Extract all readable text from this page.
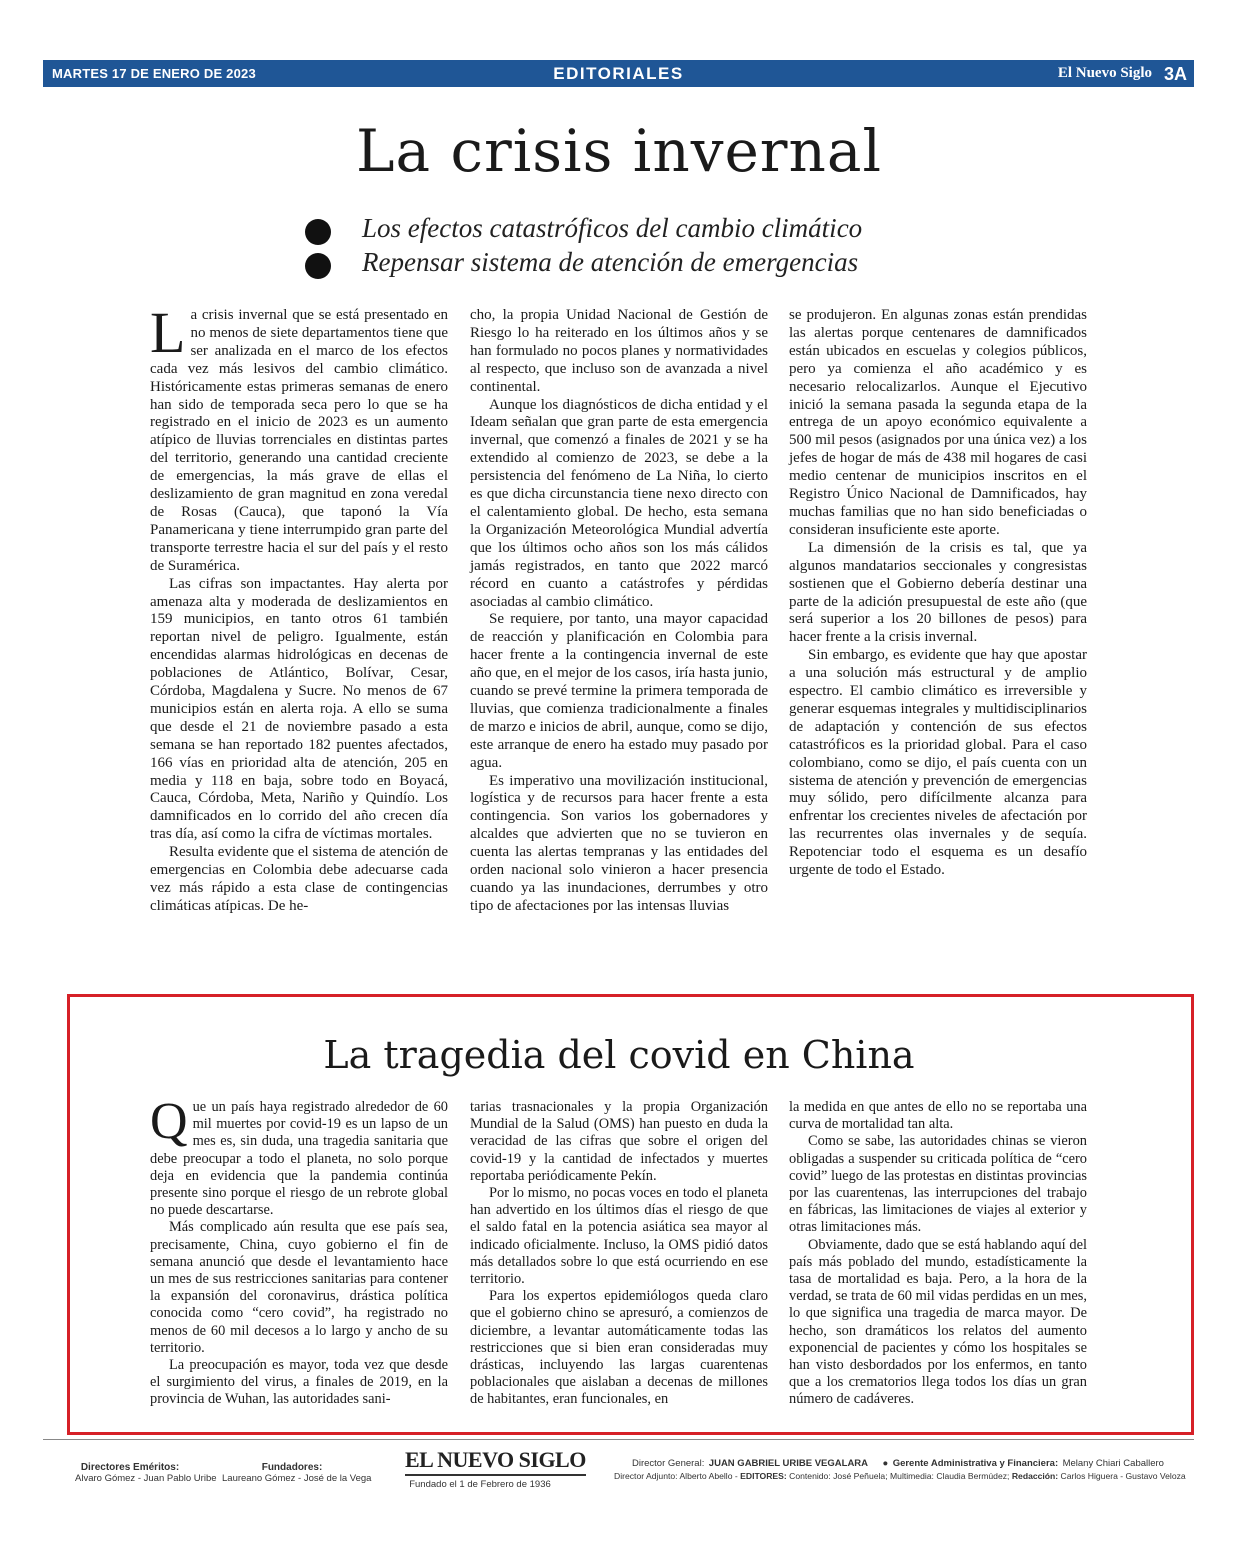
MARTES 17 DE ENERO DE 2023	EDITORIALES	El Nuevo Siglo 3A
La crisis invernal
Los efectos catastróficos del cambio climático
Repensar sistema de atención de emergencias

La crisis invernal que se está presentado en no menos de siete departamentos tiene que ser analizada en el marco de los efectos cada vez más lesivos del cambio climático. Históricamente estas primeras semanas de enero han sido de temporada seca pero lo que se ha registrado en el inicio de 2023 es un aumento atípico de lluvias torrenciales en distintas partes del territorio, generando una cantidad creciente de emergencias, la más grave de ellas el deslizamiento de gran magnitud en zona veredal de Rosas (Cauca), que taponó la Vía Panamericana y tiene interrumpido gran parte del transporte terrestre hacia el sur del país y el resto de Suramérica.

Las cifras son impactantes. Hay alerta por amenaza alta y moderada de deslizamientos en 159 municipios, en tanto otros 61 también reportan nivel de peligro. Igualmente, están encendidas alarmas hidrológicas en decenas de poblaciones de Atlántico, Bolívar, Cesar, Córdoba, Magdalena y Sucre. No menos de 67 municipios están en alerta roja. A ello se suma que desde el 21 de noviembre pasado a esta semana se han reportado 182 puentes afectados, 166 vías en prioridad alta de atención, 205 en media y 118 en baja, sobre todo en Boyacá, Cauca, Córdoba, Meta, Nariño y Quindío. Los damnificados en lo corrido del año crecen día tras día, así como la cifra de víctimas mortales.

Resulta evidente que el sistema de atención de emergencias en Colombia debe adecuarse cada vez más rápido a esta clase de contingencias climáticas atípicas. De he-

cho, la propia Unidad Nacional de Gestión de Riesgo lo ha reiterado en los últimos años y se han formulado no pocos planes y normatividades al respecto, que incluso son de avanzada a nivel continental.

Aunque los diagnósticos de dicha entidad y el Ideam señalan que gran parte de esta emergencia invernal, que comenzó a finales de 2021 y se ha extendido al comienzo de 2023, se debe a la persistencia del fenómeno de La Niña, lo cierto es que dicha circunstancia tiene nexo directo con el calentamiento global. De hecho, esta semana la Organización Meteorológica Mundial advertía que los últimos ocho años son los más cálidos jamás registrados, en tanto que 2022 marcó récord en cuanto a catástrofes y pérdidas asociadas al cambio climático.

Se requiere, por tanto, una mayor capacidad de reacción y planificación en Colombia para hacer frente a la contingencia invernal de este año que, en el mejor de los casos, iría hasta junio, cuando se prevé termine la primera temporada de lluvias, que comienza tradicionalmente a finales de marzo e inicios de abril, aunque, como se dijo, este arranque de enero ha estado muy pasado por agua.

Es imperativo una movilización institucional, logística y de recursos para hacer frente a esta contingencia. Son varios los gobernadores y alcaldes que advierten que no se tuvieron en cuenta las alertas tempranas y las entidades del orden nacional solo vinieron a hacer presencia cuando ya las inundaciones, derrumbes y otro tipo de afectaciones por las intensas lluvias

se produjeron. En algunas zonas están prendidas las alertas porque centenares de damnificados están ubicados en escuelas y colegios públicos, pero ya comienza el año académico y es necesario relocalizarlos. Aunque el Ejecutivo inició la semana pasada la segunda etapa de la entrega de un apoyo económico equivalente a 500 mil pesos (asignados por una única vez) a los jefes de hogar de más de 438 mil hogares de casi medio centenar de municipios inscritos en el Registro Único Nacional de Damnificados, hay muchas familias que no han sido beneficiadas o consideran insuficiente este aporte.

La dimensión de la crisis es tal, que ya algunos mandatarios seccionales y congresistas sostienen que el Gobierno debería destinar una parte de la adición presupuestal de este año (que será superior a los 20 billones de pesos) para hacer frente a la crisis invernal.

Sin embargo, es evidente que hay que apostar a una solución más estructural y de amplio espectro. El cambio climático es irreversible y generar esquemas integrales y multidisciplinarios de adaptación y contención de sus efectos catastróficos es la prioridad global. Para el caso colombiano, como se dijo, el país cuenta con un sistema de atención y prevención de emergencias muy sólido, pero difícilmente alcanza para enfrentar los crecientes niveles de afectación por las recurrentes olas invernales y de sequía. Repotenciar todo el esquema es un desafío urgente de todo el Estado.

La tragedia del covid en China

Que un país haya registrado alrededor de 60 mil muertes por covid-19 es un lapso de un mes es, sin duda, una tragedia sanitaria que debe preocupar a todo el planeta, no solo porque deja en evidencia que la pandemia continúa presente sino porque el riesgo de un rebrote global no puede descartarse.

Más complicado aún resulta que ese país sea, precisamente, China, cuyo gobierno el fin de semana anunció que desde el levantamiento hace un mes de sus restricciones sanitarias para contener la expansión del coronavirus, drástica política conocida como “cero covid”, ha registrado no menos de 60 mil decesos a lo largo y ancho de su territorio.

La preocupación es mayor, toda vez que desde el surgimiento del virus, a finales de 2019, en la provincia de Wuhan, las autoridades sani-

tarias trasnacionales y la propia Organización Mundial de la Salud (OMS) han puesto en duda la veracidad de las cifras que sobre el origen del covid-19 y la cantidad de infectados y muertes reportaba periódicamente Pekín.

Por lo mismo, no pocas voces en todo el planeta han advertido en los últimos días el riesgo de que el saldo fatal en la potencia asiática sea mayor al indicado oficialmente. Incluso, la OMS pidió datos más detallados sobre lo que está ocurriendo en ese territorio.

Para los expertos epidemiólogos queda claro que el gobierno chino se apresuró, a comienzos de diciembre, a levantar automáticamente todas las restricciones que si bien eran consideradas muy drásticas, incluyendo las largas cuarentenas poblacionales que aislaban a decenas de millones de habitantes, eran funcionales, en

la medida en que antes de ello no se reportaba una curva de mortalidad tan alta.

Como se sabe, las autoridades chinas se vieron obligadas a suspender su criticada política de “cero covid” luego de las protestas en distintas provincias por las cuarentenas, las interrupciones del trabajo en fábricas, las limitaciones de viajes al exterior y otras limitaciones más.

Obviamente, dado que se está hablando aquí del país más poblado del mundo, estadísticamente la tasa de mortalidad es baja. Pero, a la hora de la verdad, se trata de 60 mil vidas perdidas en un mes, lo que significa una tragedia de marca mayor. De hecho, son dramáticos los relatos del aumento exponencial de pacientes y cómo los hospitales se han visto desbordados por los enfermos, en tanto que a los crematorios llega todos los días un gran número de cadáveres.

Directores Eméritos:
Alvaro Gómez - Juan Pablo Uribe
Fundadores:
Laureano Gómez - José de la Vega
EL NUEVO SIGLO
Fundado el 1 de Febrero de 1936
Director General: JUAN GABRIEL URIBE VEGALARA ● Gerente Administrativa y Financiera: Melany Chiari Caballero
Director Adjunto: Alberto Abello - EDITORES: Contenido: José Peñuela; Multimedia: Claudia Bermúdez; Redacción: Carlos Higuera - Gustavo Veloza
